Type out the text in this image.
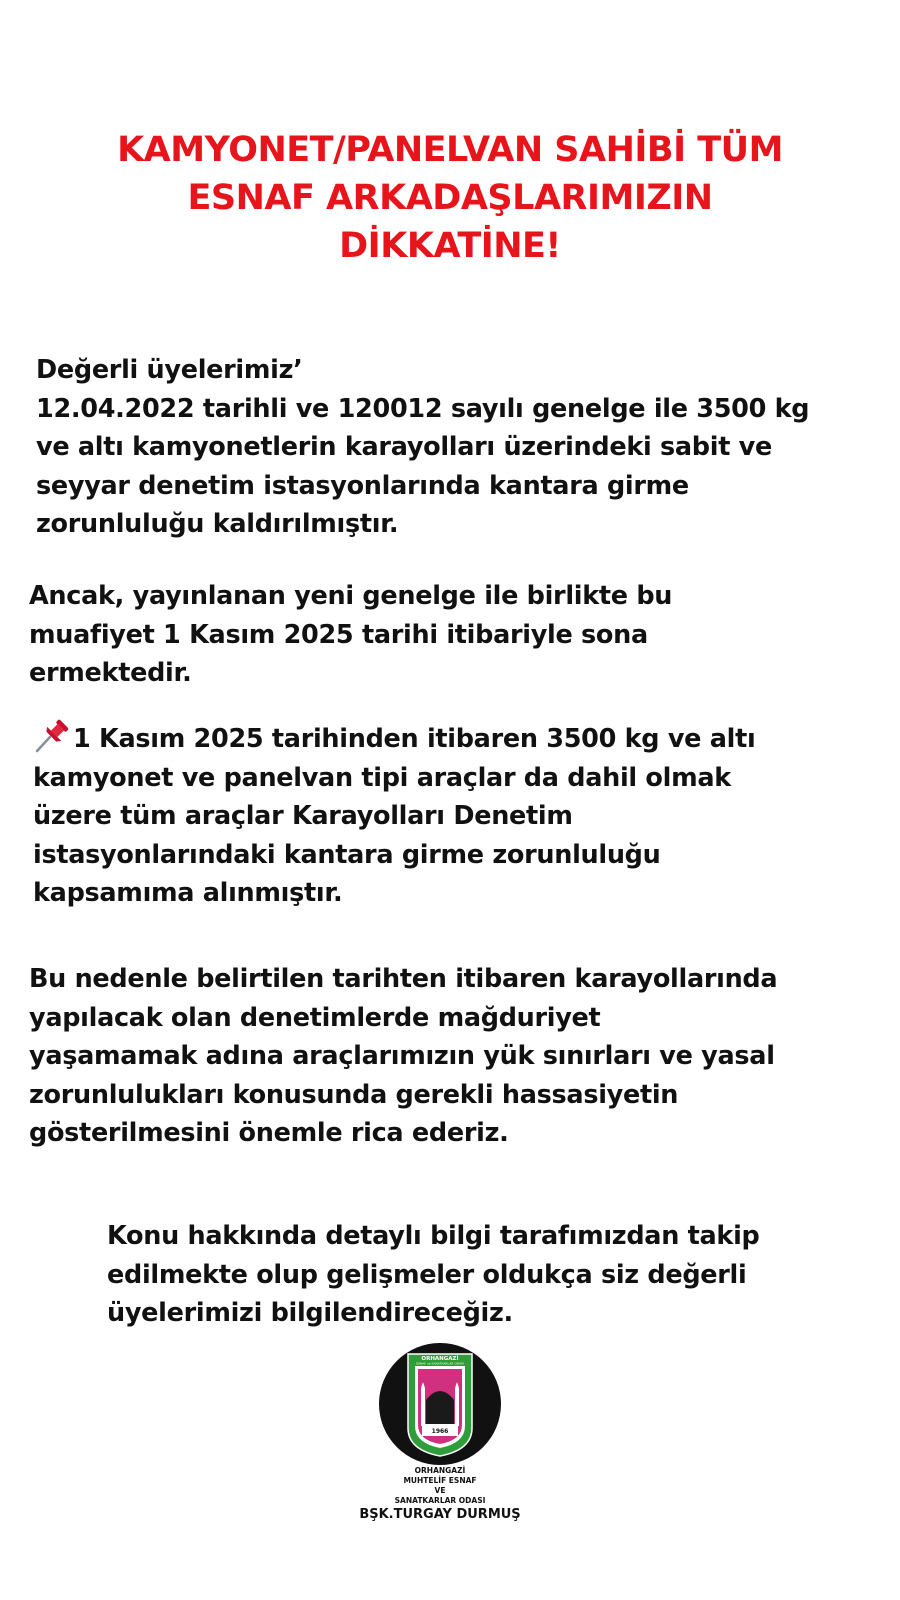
KAMYONET/PANELVAN SAHİBİ TÜM
ESNAF ARKADAŞLARIMIZIN
DİKKATİNE!
Değerli üyelerimiz’
12.04.2022 tarihli ve 120012 sayılı genelge ile 3500 kg
ve altı kamyonetlerin karayolları üzerindeki sabit ve
seyyar denetim istasyonlarında kantara girme
zorunluluğu kaldırılmıştır.
Ancak, yayınlanan yeni genelge ile birlikte bu
muafiyet 1 Kasım 2025 tarihi itibariyle sona
ermektedir.
1 Kasım 2025 tarihinden itibaren 3500 kg ve altı
kamyonet ve panelvan tipi araçlar da dahil olmak
üzere tüm araçlar Karayolları Denetim
istasyonlarındaki kantara girme zorunluluğu
kapsamıma alınmıştır.
Bu nedenle belirtilen tarihten itibaren karayollarında
yapılacak olan denetimlerde mağduriyet
yaşamamak adına araçlarımızın yük sınırları ve yasal
zorunlulukları konusunda gerekli hassasiyetin
gösterilmesini önemle rica ederiz.
Konu hakkında detaylı bilgi tarafımızdan takip
edilmekte olup gelişmeler oldukça siz değerli
üyelerimizi bilgilendireceğiz.
1966
ORHANGAZİ
ESNAF ve SANATKARLAR ODASI
ORHANGAZİ
MUHTELİF ESNAF
VE
SANATKARLAR ODASI
BŞK.TURGAY DURMUŞ
